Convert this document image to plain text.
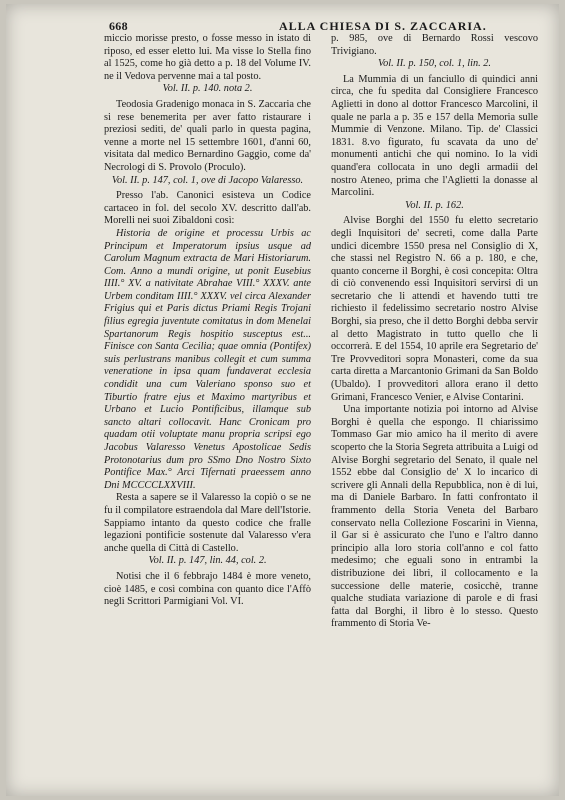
668	ALLA CHIESA DI S. ZACCARIA.

miccio morisse presto, o fosse messo in istato di riposo, ed esser eletto lui. Ma visse lo Stella fino al 1525, come ho già detto a p. 18 del Volume IV. ne il Vedova pervenne mai a tal posto.

Vol. II. p. 140. nota 2.

Teodosia Gradenigo monaca in S. Zaccaria che si rese benemerita per aver fatto ristaurare i preziosi sediti, de' quali parlo in questa pagina, venne a morte nel 15 settembre 1601, d'anni 60, visitata dal medico Bernardino Gaggio, come da' Necrologi di S. Provolo (Proculo).

Vol. II. p. 147, col. 1, ove di Jacopo Valaresso.

Presso l'ab. Canonici esisteva un Codice cartaceo in fol. del secolo XV. descritto dall'ab. Morelli nei suoi Zibaldoni così:

Historia de origine et processu Urbis ac Principum et Imperatorum ipsius usque ad Carolum Magnum extracta de Mari Historiarum. Com. Anno a mundi origine, ut ponit Eusebius IIII.° XV. a nativitate Abrahae VIII.° XXXV. ante Urbem conditam IIII.° XXXV. vel circa Alexander Frigius qui et Paris dictus Priami Regis Trojani filius egregia juventute comitatus in dom Menelai Spartanorum Regis hospitio susceptus est... Finisce con Santa Cecilia; quae omnia (Pontifex) suis perlustrans manibus collegit et cum summa veneratione in ipsa quam fundaverat ecclesia condidit una cum Valeriano sponso suo et Tiburtio fratre ejus et Maximo martyribus et Urbano et Lucio Pontificibus, illamque sub sancto altari collocavit. Hanc Cronicam pro quadam otii voluptate manu propria scripsi ego Jacobus Valaresso Venetus Apostolicae Sedis Protonotarius dum pro SSmo Dno Nostro Sixto Pontifice Max.° Arci Tifernati praeessem anno Dni MCCCCLXXVIII.

Resta a sapere se il Valaresso la copiò o se ne fu il compilatore estraendola dal Mare dell'Istorie. Sappiamo intanto da questo codice che fralle legazioni pontificie sostenute dal Valaresso v'era anche quella di Città di Castello.

Vol. II. p. 147, lin. 44, col. 2.

Notisi che il 6 febbrajo 1484 è more veneto, cioè 1485, e così combina con quanto dice l'Affò negli Scrittori Parmigiani Vol. VI.

p. 985, ove di Bernardo Rossi vescovo Trivigiano.

Vol. II. p. 150, col. 1, lin. 2.

La Mummia di un fanciullo di quindici anni circa, che fu spedita dal Consigliere Francesco Aglietti in dono al dottor Francesco Marcolini, il quale ne parla a p. 35 e 157 della Memoria sulle Mummie di Venzone. Milano. Tip. de' Classici 1831. 8.vo figurato, fu scavata da uno de' monumenti antichi che qui nomino. Io la vidi quand'era collocata in uno degli armadii del nostro Ateneo, prima che l'Aglietti la donasse al Marcolini.

Vol. II. p. 162.

Alvise Borghi del 1550 fu eletto secretario degli Inquisitori de' secreti, come dalla Parte undici dicembre 1550 presa nel Consiglio di X, che stassi nel Registro N. 66 a p. 180, e che, quanto concerne il Borghi, è così concepita: Oltra di ciò convenendo essi Inquisitori servirsi di un secretario che li attendi et havendo tutti tre richiesto il fedelissimo secretario nostro Alvise Borghi, sia preso, che il detto Borghi debba servir al detto Magistrato in tutto quello che li occorrerà. E del 1554, 10 aprile era Segretario de' Tre Provveditori sopra Monasteri, come da sua carta diretta a Marcantonio Grimani da San Boldo (Ubaldo). I provveditori allora erano il detto Grimani, Francesco Venier, e Alvise Contarini.

Una importante notizia poi intorno ad Alvise Borghi è quella che espongo. Il chiarissimo Tommaso Gar mio amico ha il merito di avere scoperto che la Storia Segreta attribuita a Luigi od Alvise Borghi segretario del Senato, il quale nel 1552 ebbe dal Consiglio de' X lo incarico di scrivere gli Annali della Repubblica, non è di lui, ma di Daniele Barbaro. In fatti confrontato il frammento della Storia Veneta del Barbaro conservato nella Collezione Foscarini in Vienna, il Gar si è assicurato che l'uno e l'altro danno principio alla loro storia coll'anno e col fatto medesimo; che eguali sono in entrambi la distribuzione dei libri, il collocamento e la successione delle materie, cosicchè, tranne qualche studiata variazione di parole e di frasi fatta dal Borghi, il libro è lo stesso. Questo frammento di Storia Ve-
